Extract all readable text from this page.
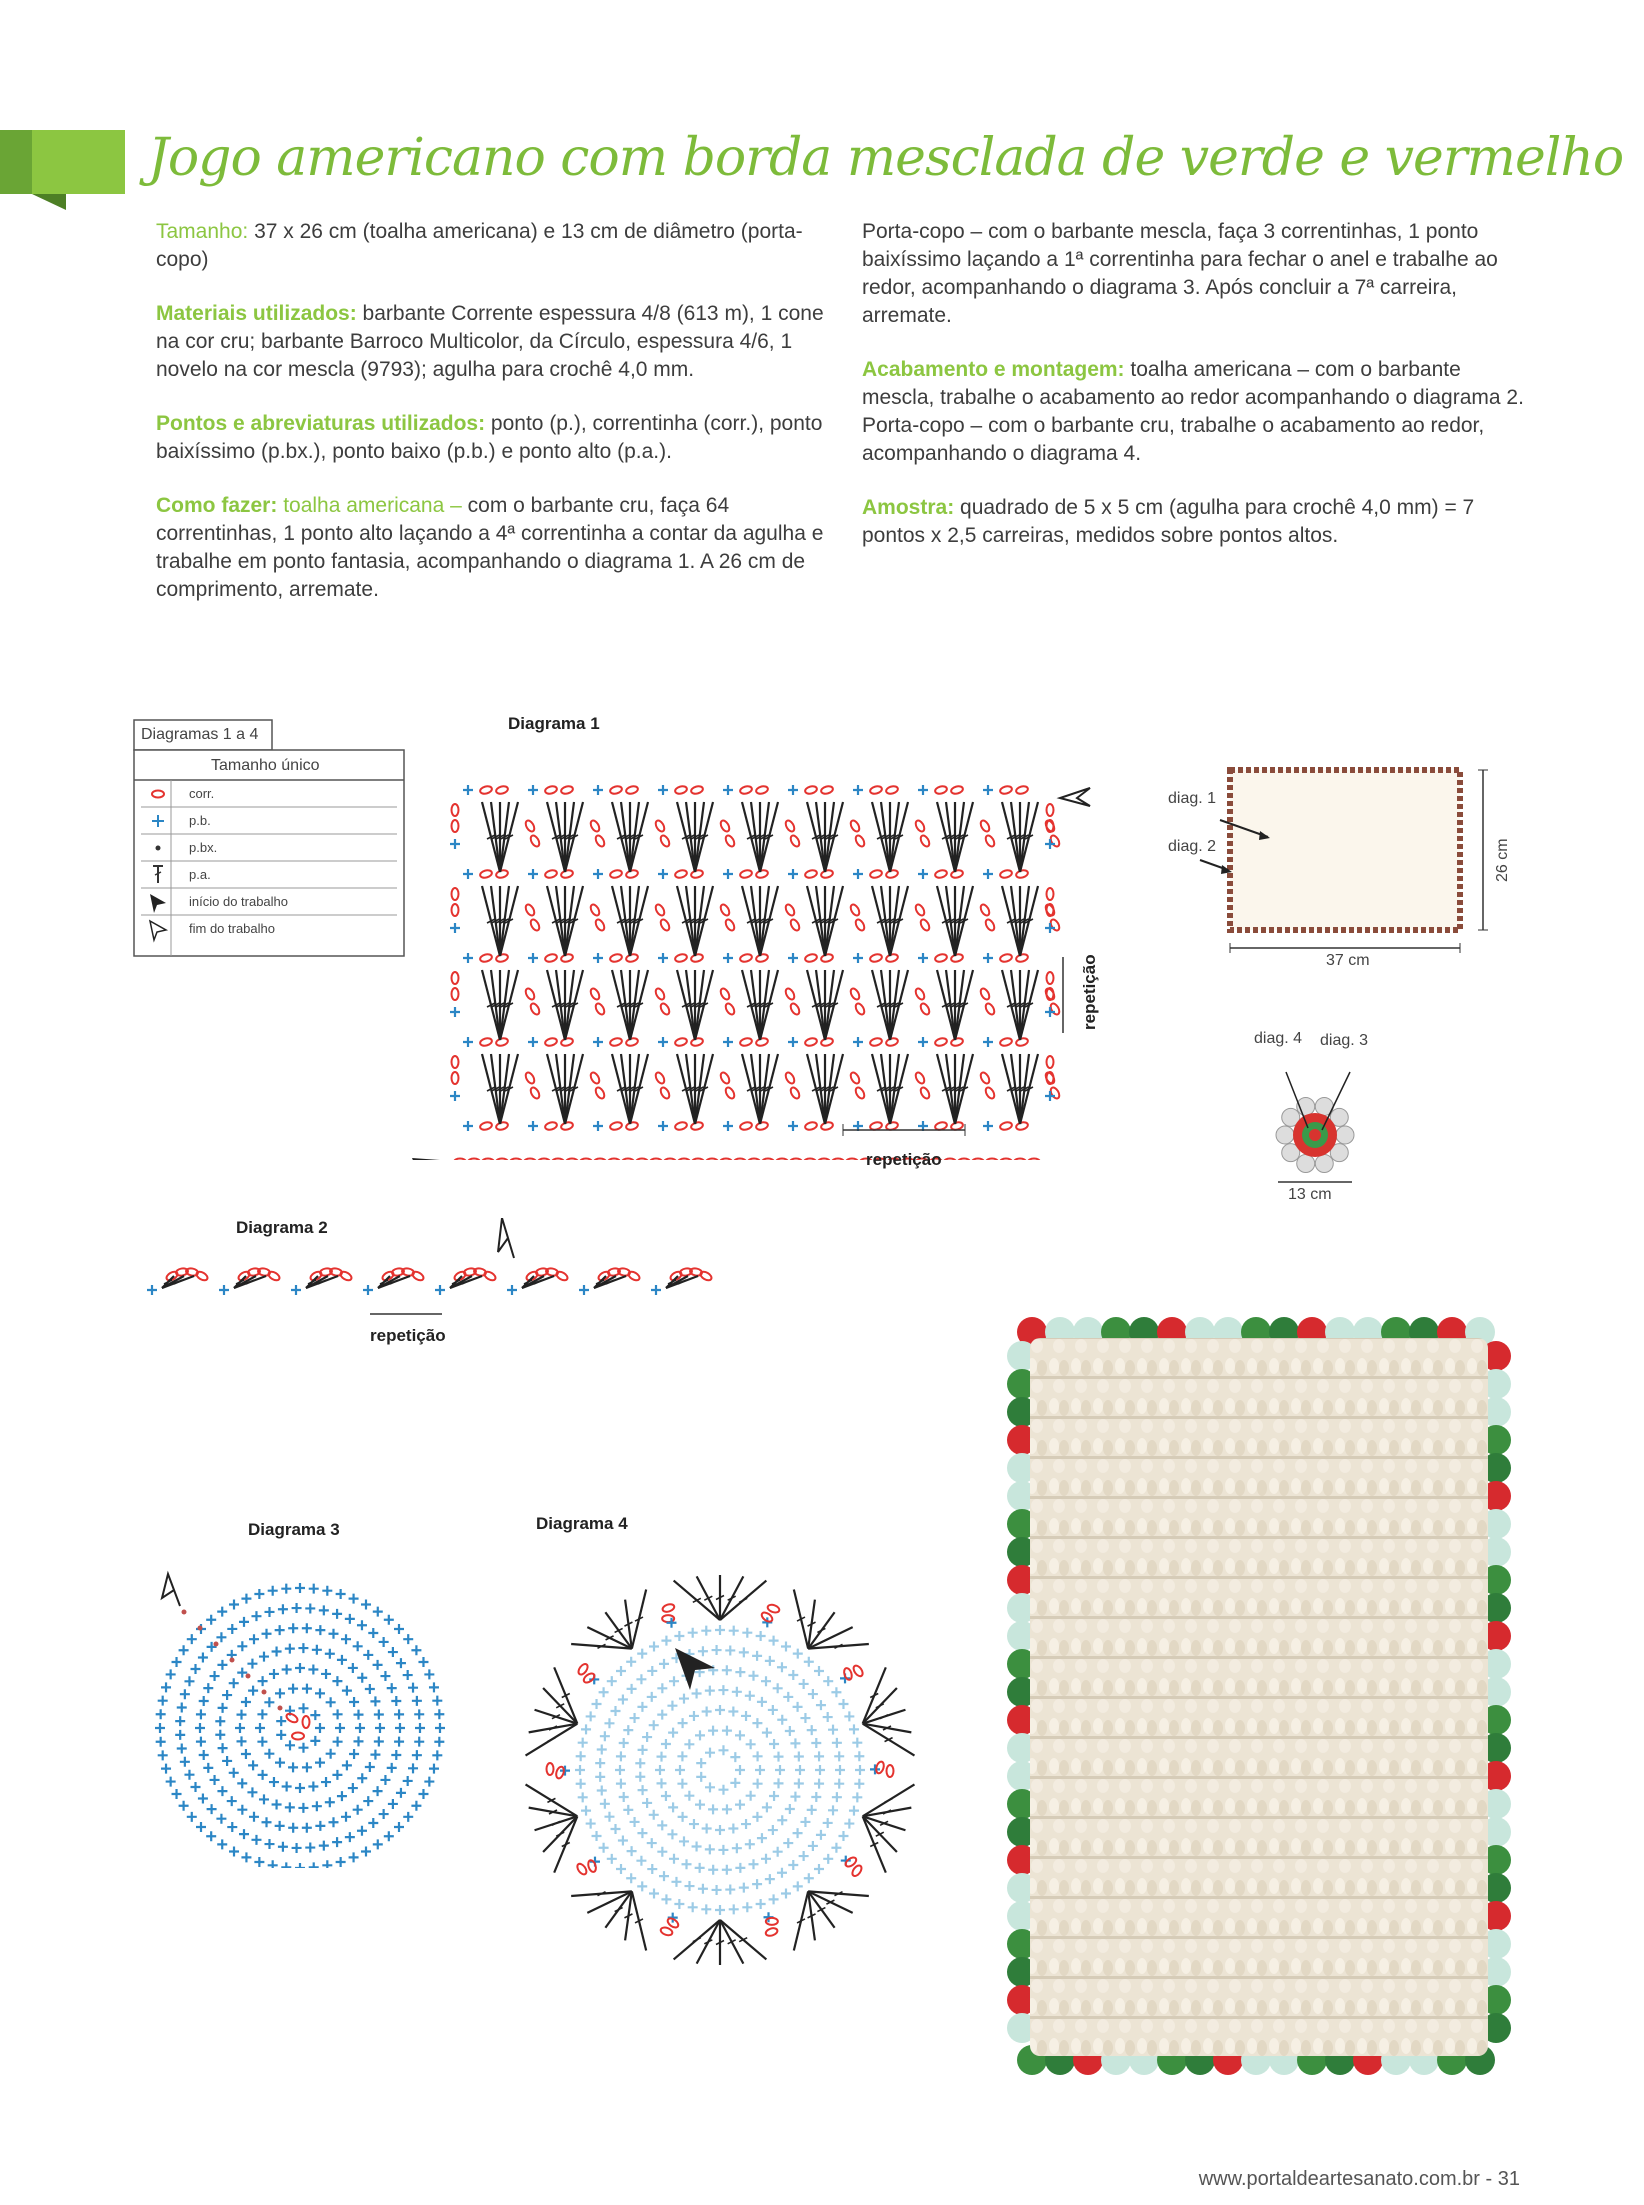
Jogo americano com borda mesclada de verde e vermelho

Tamanho: 37 x 26 cm (toalha americana) e 13 cm de diâmetro (porta-copo)

Materiais utilizados: barbante Corrente espessura 4/8 (613 m), 1 cone na cor cru; barbante Barroco Multicolor, da Círculo, espessura 4/6, 1 novelo na cor mescla (9793); agulha para crochê 4,0 mm.

Pontos e abreviaturas utilizados: ponto (p.), correntinha (corr.), ponto baixíssimo (p.bx.), ponto baixo (p.b.) e ponto alto (p.a.).

Como fazer: toalha americana – com o barbante cru, faça 64 correntinhas, 1 ponto alto laçando a 4ª correntinha a contar da agulha e trabalhe em ponto fantasia, acompanhando o diagrama 1. A 26 cm de comprimento, arremate.

Porta-copo – com o barbante mescla, faça 3 correntinhas, 1 ponto baixíssimo laçando a 1ª correntinha para fechar o anel e trabalhe ao redor, acompanhando o diagrama 3. Após concluir a 7ª carreira, arremate.

Acabamento e montagem: toalha americana – com o barbante mescla, trabalhe o acabamento ao redor acompanhando o diagrama 2.

Porta-copo – com o barbante cru, trabalhe o acabamento ao redor, acompanhando o diagrama 4.

Amostra: quadrado de 5 x 5 cm (agulha para crochê 4,0 mm) = 7 pontos x 2,5 carreiras, medidos sobre pontos altos.

Diagramas 1 a 4
Tamanho único
corr.
p.b.
p.bx.
p.a.
início do trabalho
fim do trabalho
Diagrama 1
repetição
repetição
diag. 1
diag. 2
37 cm
26 cm
diag. 4 diag. 3
13 cm
Diagrama 2
repetição
Diagrama 3	Diagrama 4
www.portaldeartesanato.com.br - 31
